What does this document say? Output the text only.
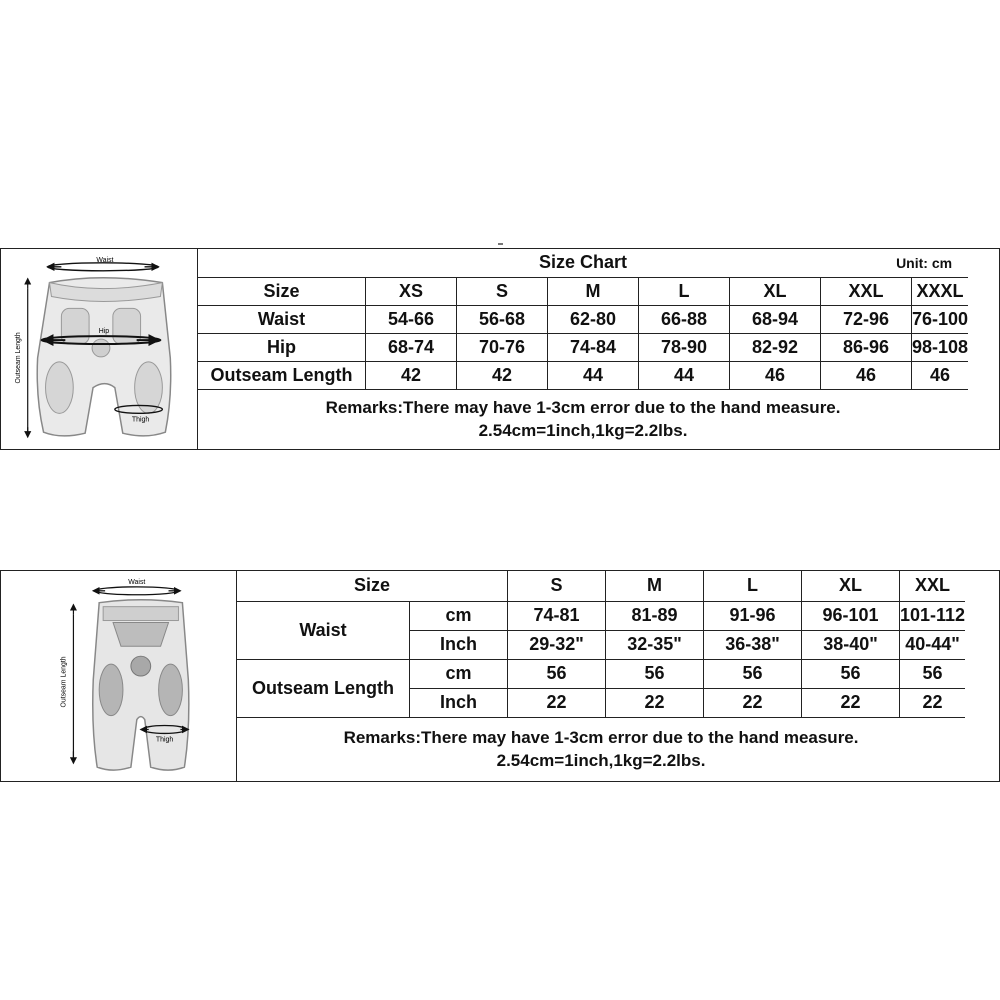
Waist
Hip
Outseam Length
Thigh
Size Chart Unit: cm							

Size	XS	S	M	L	XL	XXL	XXXL
Waist	54-66	56-68	62-80	66-88	68-94	72-96	76-100
Hip	68-74	70-76	74-84	78-90	82-92	86-96	98-108
Outseam Length	42	42	44	44	46	46	46

Remarks:There may have 1-3cm error due to the hand measure.
2.54cm=1inch,1kg=2.2lbs.							
Waist
Outseam Length
Thigh
Size		S	M	L	XL	XXL
Waist	cm	74-81	81-89	91-96	96-101	101-112
	Inch	29-32"	32-35"	36-38"	38-40"	40-44"
Outseam Length	cm	56	56	56	56	56
	Inch	22	22	22	22	22

Remarks:There may have 1-3cm error due to the hand measure.
2.54cm=1inch,1kg=2.2lbs.						
